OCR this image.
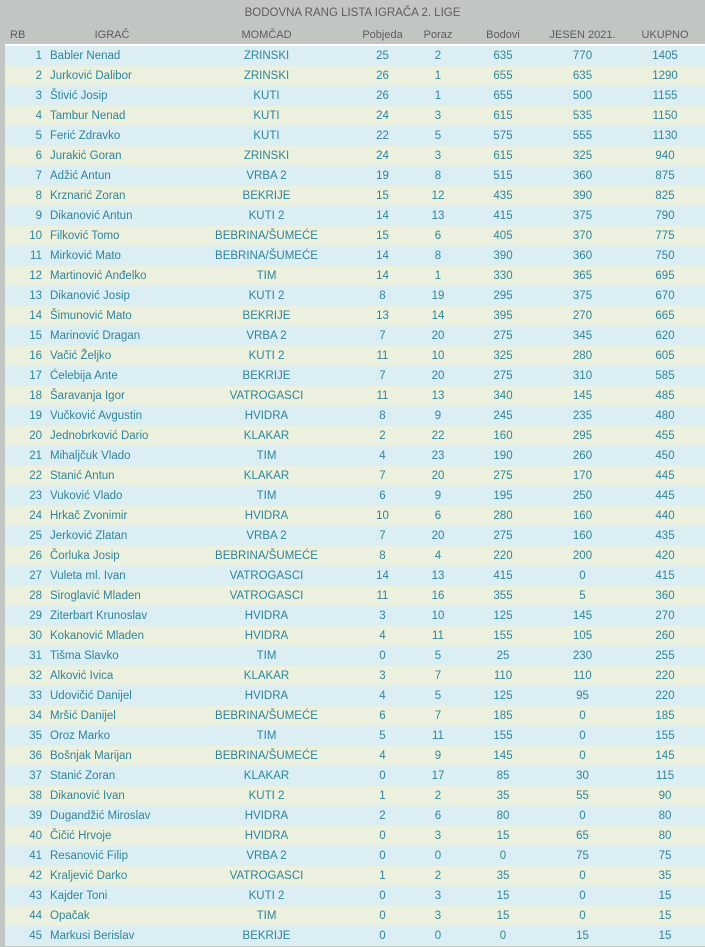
BODOVNA RANG LISTA IGRAČA 2. LIGE
RB	IGRAČ	MOMČAD	Pobjeda	Poraz	Bodovi	JESEN 2021.	UKUPNO
1	Babler Nenad	ZRINSKI	25	2	635	770	1405
2	Jurković Dalibor	ZRINSKI	26	1	655	635	1290
3	Štivić Josip	KUTI	26	1	655	500	1155
4	Tambur Nenad	KUTI	24	3	615	535	1150
5	Ferić Zdravko	KUTI	22	5	575	555	1130
6	Jurakić Goran	ZRINSKI	24	3	615	325	940
7	Adžić Antun	VRBA 2	19	8	515	360	875
8	Krznarić Zoran	BEKRIJE	15	12	435	390	825
9	Dikanović Antun	KUTI 2	14	13	415	375	790
10	Filković Tomo	BEBRINA/ŠUMEĆE	15	6	405	370	775
11	Mirković Mato	BEBRINA/ŠUMEĆE	14	8	390	360	750
12	Martinović Anđelko	TIM	14	1	330	365	695
13	Dikanović Josip	KUTI 2	8	19	295	375	670
14	Šimunović Mato	BEKRIJE	13	14	395	270	665
15	Marinović Dragan	VRBA 2	7	20	275	345	620
16	Vačić Željko	KUTI 2	11	10	325	280	605
17	Ćelebija Ante	BEKRIJE	7	20	275	310	585
18	Šaravanja Igor	VATROGASCI	11	13	340	145	485
19	Vučković Avgustin	HVIDRA	8	9	245	235	480
20	Jednobrković Dario	KLAKAR	2	22	160	295	455
21	Mihaljčuk Vlado	TIM	4	23	190	260	450
22	Stanić Antun	KLAKAR	7	20	275	170	445
23	Vuković Vlado	TIM	6	9	195	250	445
24	Hrkač Zvonimir	HVIDRA	10	6	280	160	440
25	Jerković Zlatan	VRBA 2	7	20	275	160	435
26	Čorluka Josip	BEBRINA/ŠUMEĆE	8	4	220	200	420
27	Vuleta ml. Ivan	VATROGASCI	14	13	415	0	415
28	Siroglavić Mladen	VATROGASCI	11	16	355	5	360
29	Ziterbart Krunoslav	HVIDRA	3	10	125	145	270
30	Kokanović Mladen	HVIDRA	4	11	155	105	260
31	Tišma Slavko	TIM	0	5	25	230	255
32	Alković Ivica	KLAKAR	3	7	110	110	220
33	Udovičić Danijel	HVIDRA	4	5	125	95	220
34	Mršić Danijel	BEBRINA/ŠUMEĆE	6	7	185	0	185
35	Oroz Marko	TIM	5	11	155	0	155
36	Bošnjak Marijan	BEBRINA/ŠUMEĆE	4	9	145	0	145
37	Stanić Zoran	KLAKAR	0	17	85	30	115
38	Dikanović Ivan	KUTI 2	1	2	35	55	90
39	Dugandžić Miroslav	HVIDRA	2	6	80	0	80
40	Čičić Hrvoje	HVIDRA	0	3	15	65	80
41	Resanović Filip	VRBA 2	0	0	0	75	75
42	Kraljević Darko	VATROGASCI	1	2	35	0	35
43	Kajder Toni	KUTI 2	0	3	15	0	15
44	Opačak	TIM	0	3	15	0	15
45	Markusi Berislav	BEKRIJE	0	0	0	15	15
